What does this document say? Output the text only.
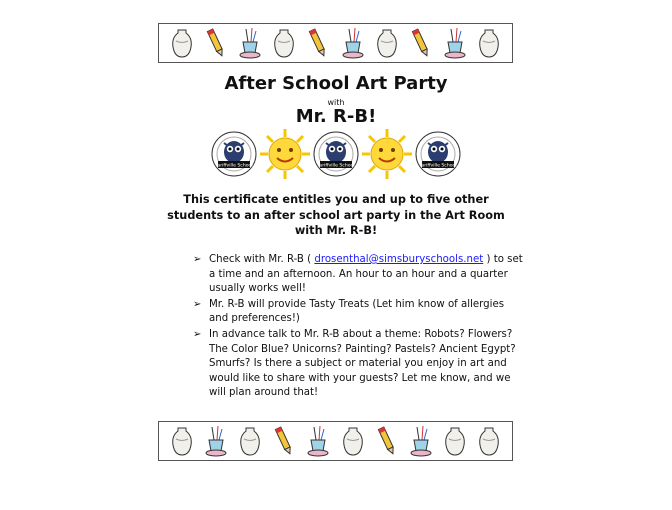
After School Art Party
with
Mr. R-B!
Tariffville School	Tariffville School	Tariffville School
This certificate entitles you and up to five other students to an after school art party in the Art Room with Mr. R-B!
➢ Check with Mr. R-B ( drosenthal@simsburyschools.net ) to set a time and an afternoon. An hour to an hour and a quarter usually works well!
➢ Mr. R-B will provide Tasty Treats (Let him know of allergies and preferences!)
➢ In advance talk to Mr. R-B about a theme: Robots? Flowers? The Color Blue? Unicorns? Painting? Pastels? Ancient Egypt? Smurfs? Is there a subject or material you enjoy in art and would like to share with your guests? Let me know, and we will plan around that!
